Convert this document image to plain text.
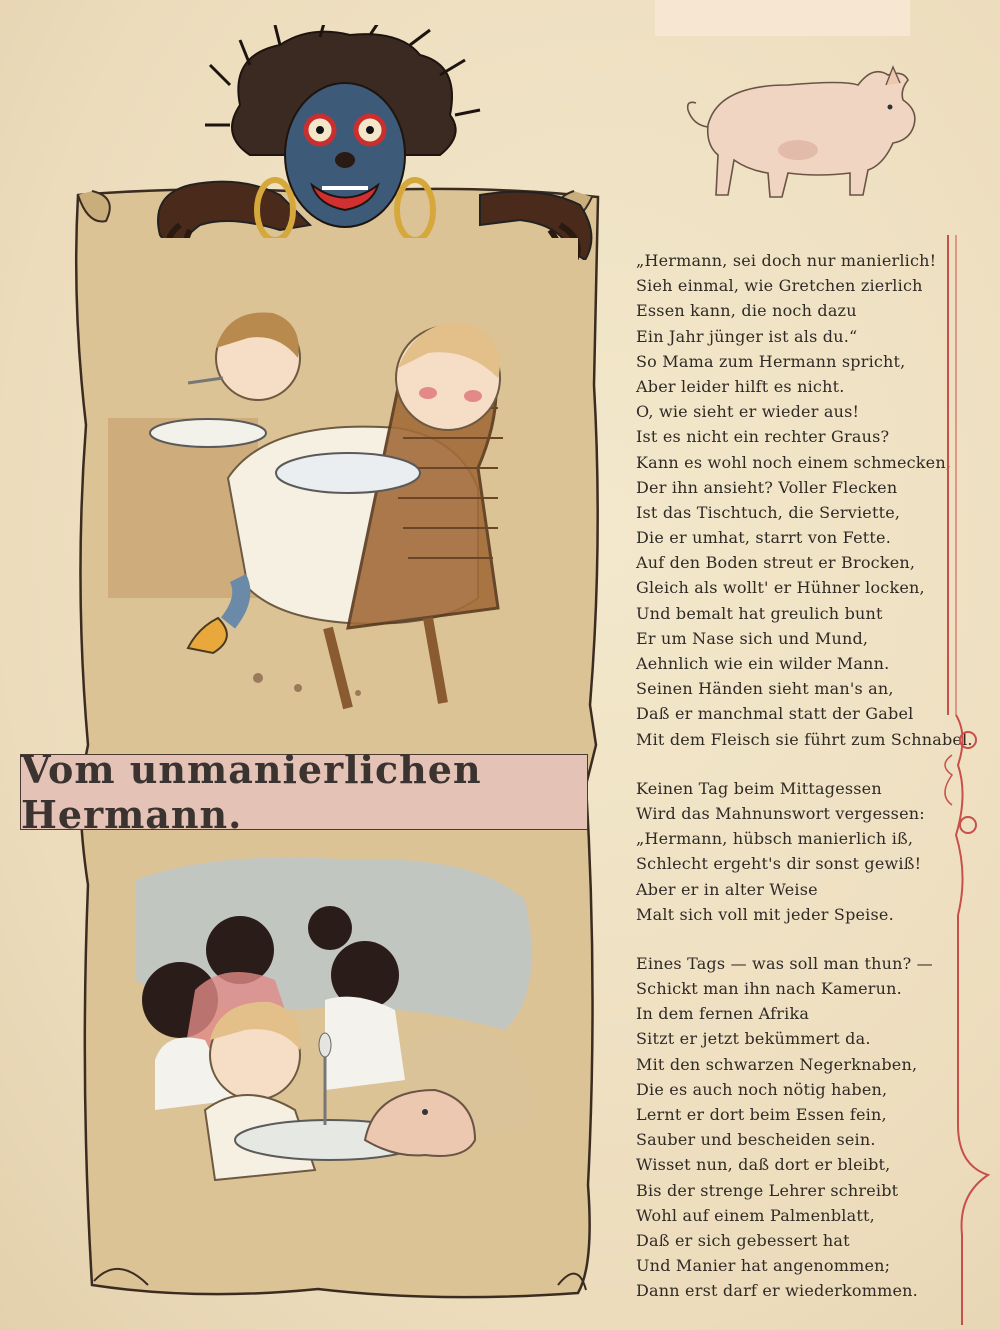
Vom unmanierlichen Hermann.
„Hermann, sei doch nur manierlich!
Sieh einmal, wie Gretchen zierlich
Essen kann, die noch dazu
Ein Jahr jünger ist als du.“
So Mama zum Hermann spricht,
Aber leider hilft es nicht.
O, wie sieht er wieder aus!
Ist es nicht ein rechter Graus?
Kann es wohl noch einem schmecken,
Der ihn ansieht? Voller Flecken
Ist das Tischtuch, die Serviette,
Die er umhat, starrt von Fette.
Auf den Boden streut er Brocken,
Gleich als wollt' er Hühner locken,
Und bemalt hat greulich bunt
Er um Nase sich und Mund,
Aehnlich wie ein wilder Mann.
Seinen Händen sieht man's an,
Daß er manchmal statt der Gabel
Mit dem Fleisch sie führt zum Schnabel.
Keinen Tag beim Mittagessen
Wird das Mahnunswort vergessen:
„Hermann, hübsch manierlich iß,
Schlecht ergeht's dir sonst gewiß!
Aber er in alter Weise
Malt sich voll mit jeder Speise.
Eines Tags — was soll man thun? —
Schickt man ihn nach Kamerun.
In dem fernen Afrika
Sitzt er jetzt bekümmert da.
Mit den schwarzen Negerknaben,
Die es auch noch nötig haben,
Lernt er dort beim Essen fein,
Sauber und bescheiden sein.
Wisset nun, daß dort er bleibt,
Bis der strenge Lehrer schreibt
Wohl auf einem Palmenblatt,
Daß er sich gebessert hat
Und Manier hat angenommen;
Dann erst darf er wiederkommen.
